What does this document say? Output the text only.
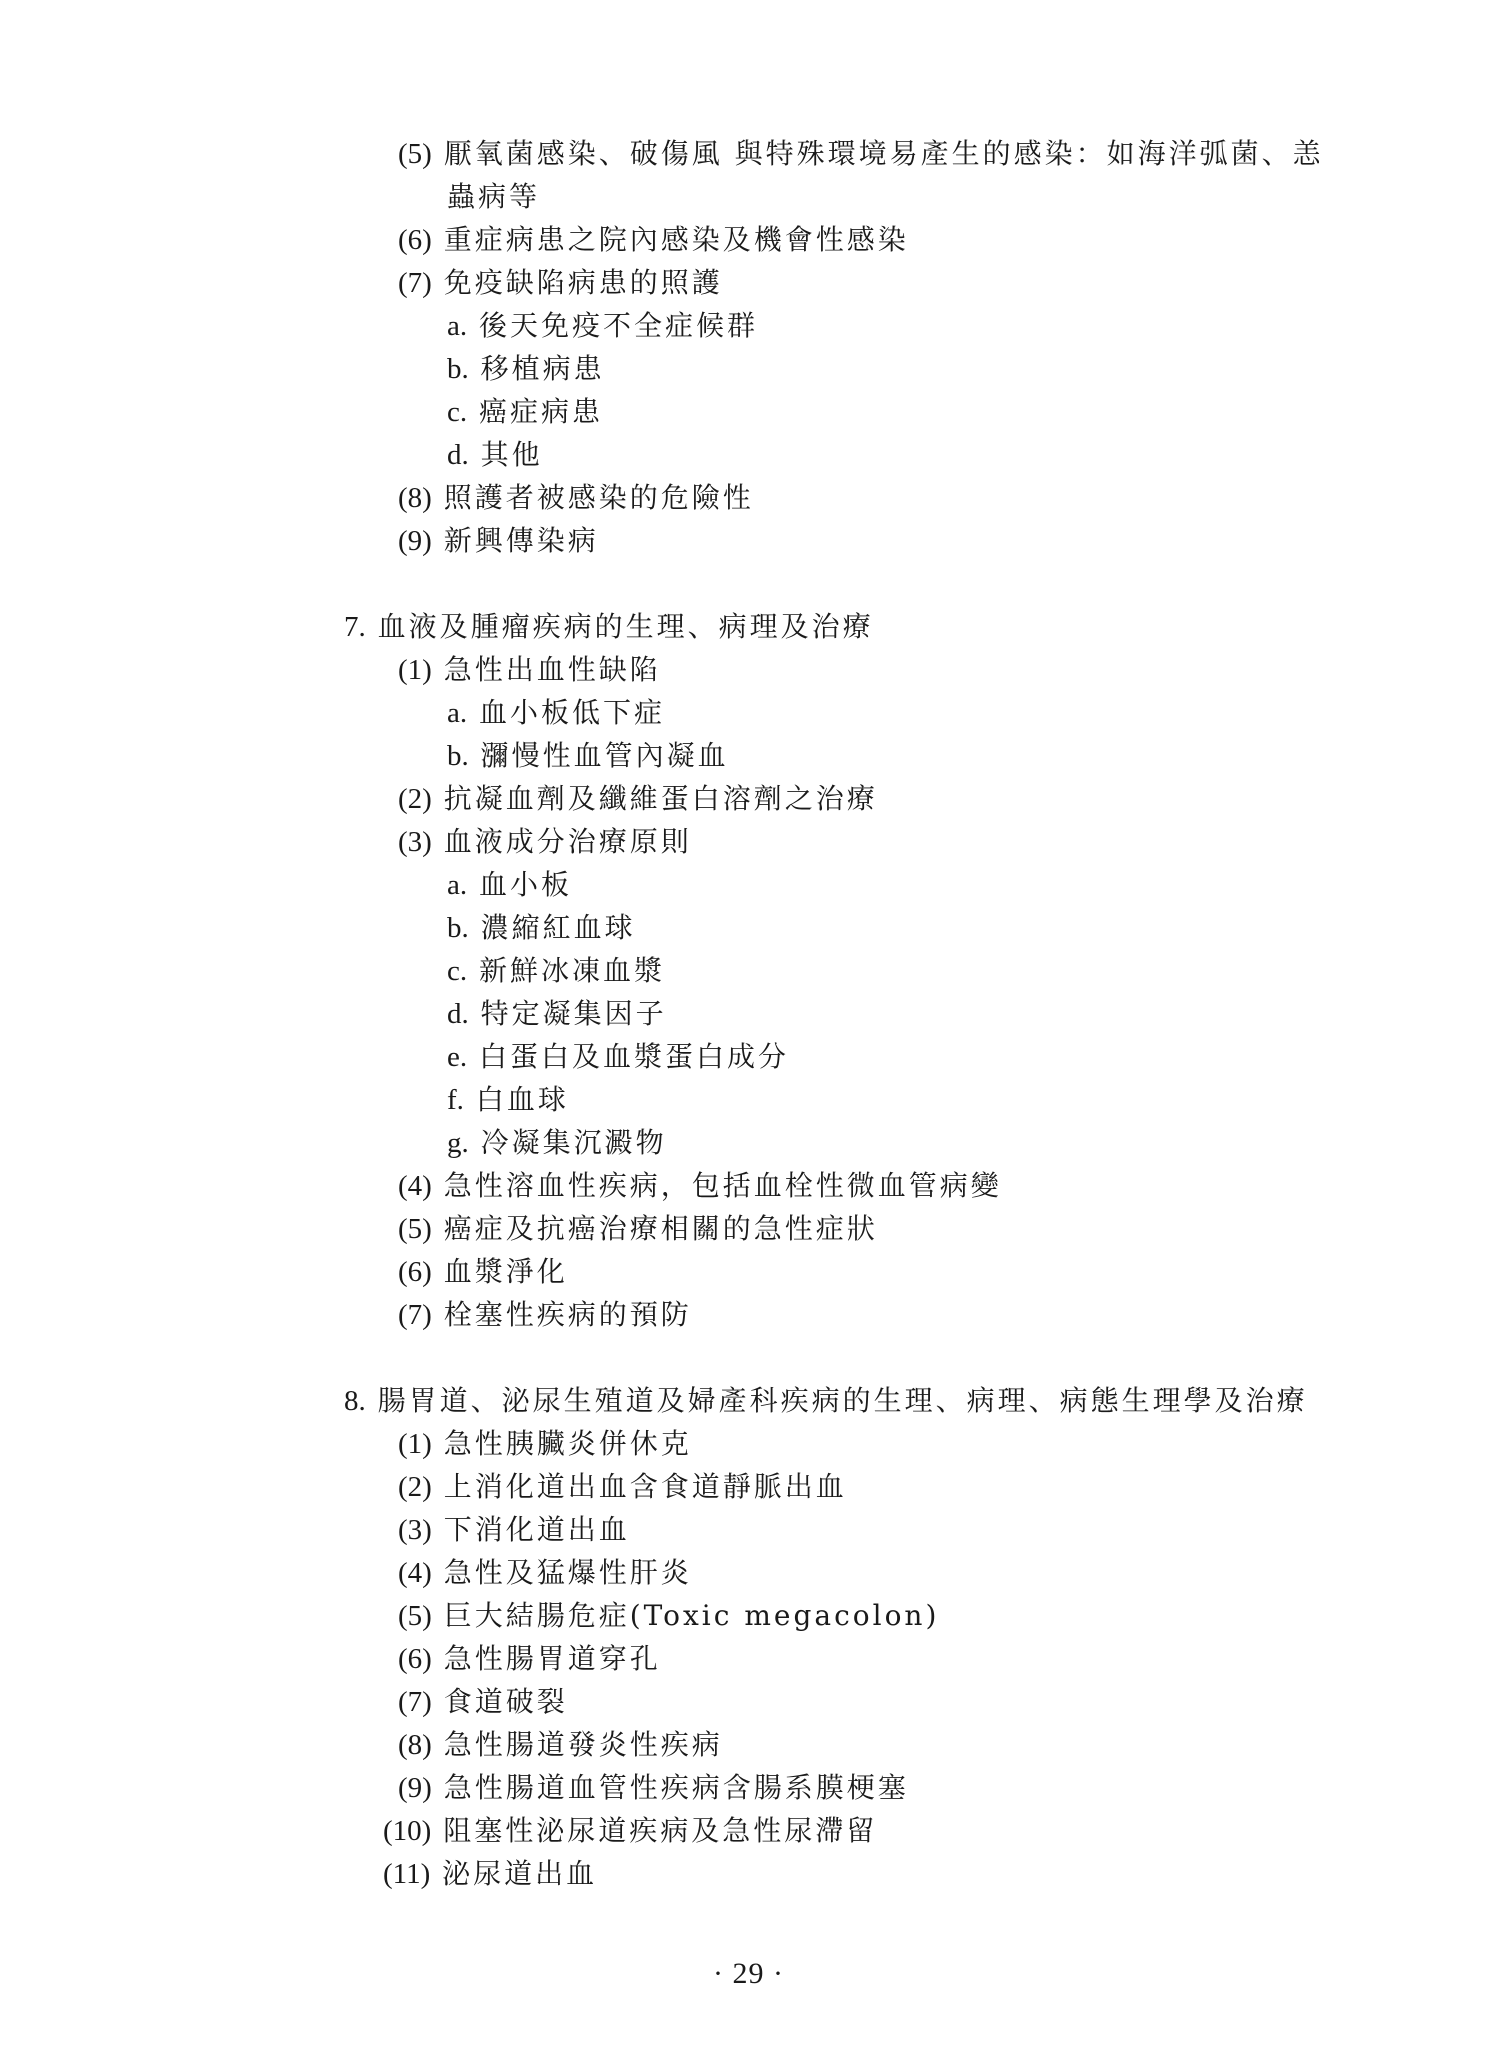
(5) 厭氧菌感染、破傷風 與特殊環境易產生的感染：如海洋弧菌、恙
蟲病等
(6) 重症病患之院內感染及機會性感染
(7) 免疫缺陷病患的照護
a. 後天免疫不全症候群
b. 移植病患
c. 癌症病患
d. 其他
(8) 照護者被感染的危險性
(9) 新興傳染病
7. 血液及腫瘤疾病的生理、病理及治療
(1) 急性出血性缺陷
a. 血小板低下症
b. 瀰慢性血管內凝血
(2) 抗凝血劑及纖維蛋白溶劑之治療
(3) 血液成分治療原則
a. 血小板
b. 濃縮紅血球
c. 新鮮冰凍血漿
d. 特定凝集因子
e. 白蛋白及血漿蛋白成分
f. 白血球
g. 冷凝集沉澱物
(4) 急性溶血性疾病，包括血栓性微血管病變
(5) 癌症及抗癌治療相關的急性症狀
(6) 血漿淨化
(7) 栓塞性疾病的預防
8. 腸胃道、泌尿生殖道及婦產科疾病的生理、病理、病態生理學及治療
(1) 急性胰臟炎併休克
(2) 上消化道出血含食道靜脈出血
(3) 下消化道出血
(4) 急性及猛爆性肝炎
(5) 巨大結腸危症(Toxic megacolon)
(6) 急性腸胃道穿孔
(7) 食道破裂
(8) 急性腸道發炎性疾病
(9) 急性腸道血管性疾病含腸系膜梗塞
(10) 阻塞性泌尿道疾病及急性尿滯留
(11) 泌尿道出血
· 29 ·
